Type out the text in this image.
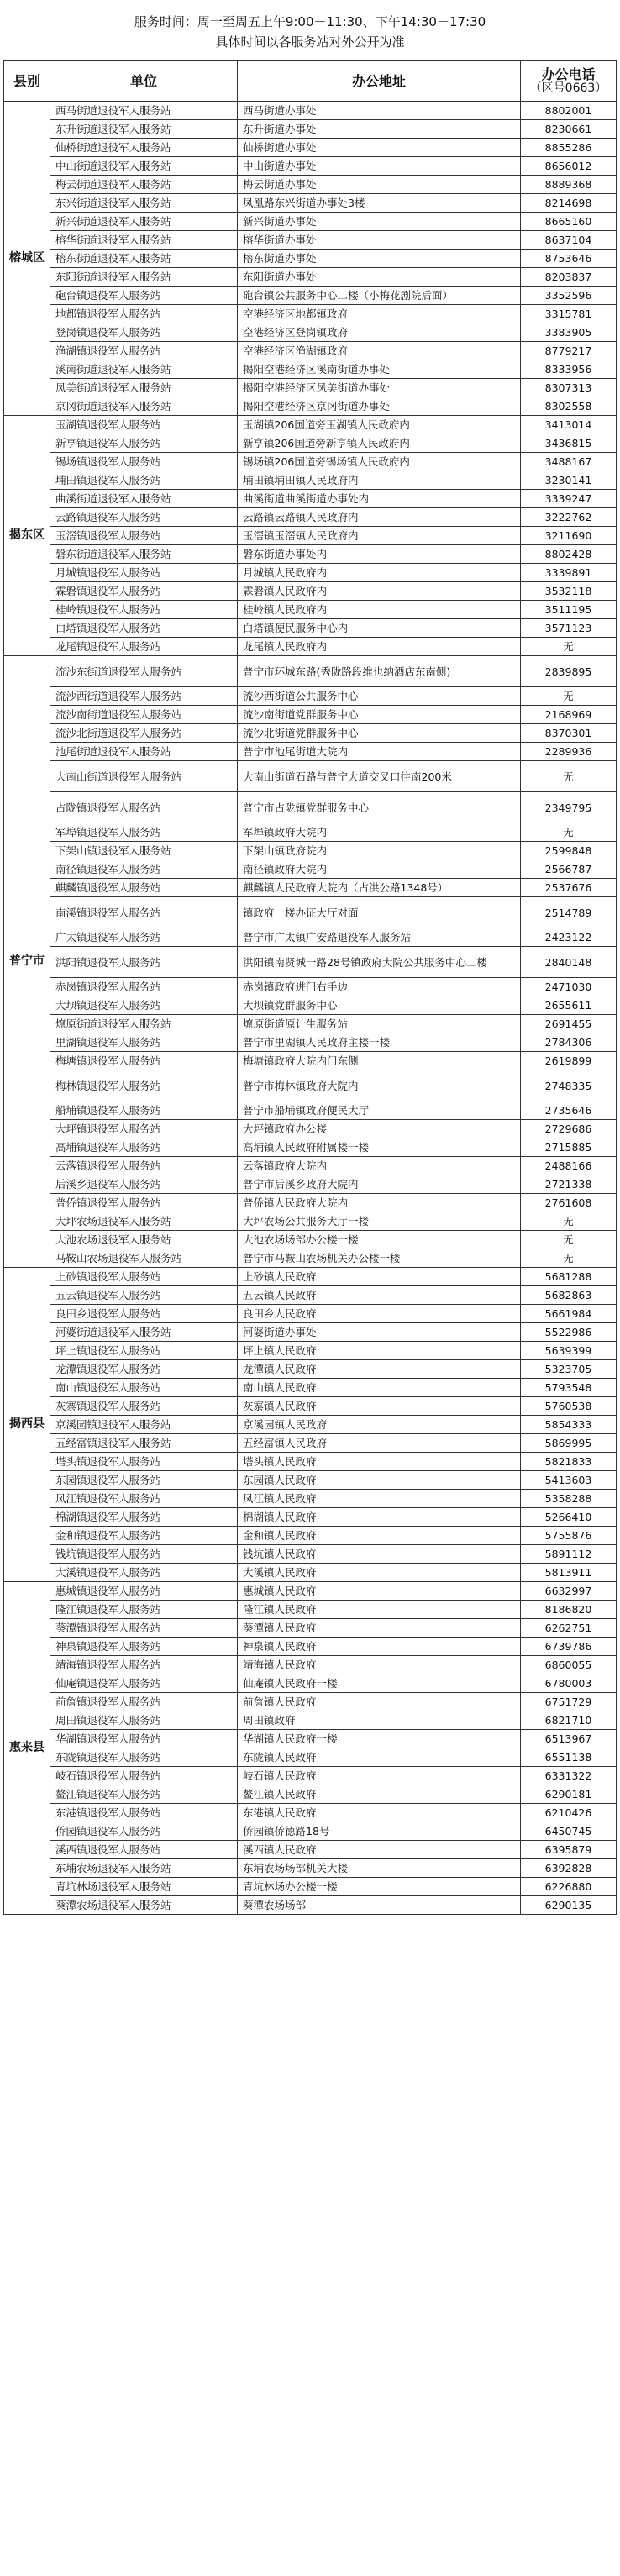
服务时间：周一至周五上午9:00－11:30、下午14:30－17:30
具体时间以各服务站对外公开为准
县别	单位	办公地址	办公电话
（区号0663）

榕城区	西马街道退役军人服务站	西马街道办事处	8802001
	东升街道退役军人服务站	东升街道办事处	8230661
	仙桥街道退役军人服务站	仙桥街道办事处	8855286
	中山街道退役军人服务站	中山街道办事处	8656012
	梅云街道退役军人服务站	梅云街道办事处	8889368
	东兴街道退役军人服务站	凤凰路东兴街道办事处3楼	8214698
	新兴街道退役军人服务站	新兴街道办事处	8665160
	榕华街道退役军人服务站	榕华街道办事处	8637104
	榕东街道退役军人服务站	榕东街道办事处	8753646
	东阳街道退役军人服务站	东阳街道办事处	8203837
	砲台镇退役军人服务站	砲台镇公共服务中心二楼（小梅花剧院后面）	3352596
	地都镇退役军人服务站	空港经济区地都镇政府	3315781
	登岗镇退役军人服务站	空港经济区登岗镇政府	3383905
	渔湖镇退役军人服务站	空港经济区渔湖镇政府	8779217
	溪南街道退役军人服务站	揭阳空港经济区溪南街道办事处	8333956
	凤美街道退役军人服务站	揭阳空港经济区凤美街道办事处	8307313
	京冈街道退役军人服务站	揭阳空港经济区京冈街道办事处	8302558
揭东区	玉湖镇退役军人服务站	玉湖镇206国道旁玉湖镇人民政府内	3413014
	新亨镇退役军人服务站	新亨镇206国道旁新亨镇人民政府内	3436815
	锡场镇退役军人服务站	锡场镇206国道旁锡场镇人民政府内	3488167
	埔田镇退役军人服务站	埔田镇埔田镇人民政府内	3230141
	曲溪街道退役军人服务站	曲溪街道曲溪街道办事处内	3339247
	云路镇退役军人服务站	云路镇云路镇人民政府内	3222762
	玉滘镇退役军人服务站	玉滘镇玉滘镇人民政府内	3211690
	磐东街道退役军人服务站	磐东街道办事处内	8802428
	月城镇退役军人服务站	月城镇人民政府内	3339891
	霖磐镇退役军人服务站	霖磐镇人民政府内	3532118
	桂岭镇退役军人服务站	桂岭镇人民政府内	3511195
	白塔镇退役军人服务站	白塔镇便民服务中心内	3571123
	龙尾镇退役军人服务站	龙尾镇人民政府内	无
普宁市	流沙东街道退役军人服务站	普宁市环城东路(秀陇路段维也纳酒店东南侧)	2839895
	流沙西街道退役军人服务站	流沙西街道公共服务中心	无
	流沙南街道退役军人服务站	流沙南街道党群服务中心	2168969
	流沙北街道退役军人服务站	流沙北街道党群服务中心	8370301
	池尾街道退役军人服务站	普宁市池尾街道大院内	2289936
	大南山街道退役军人服务站	大南山街道石路与普宁大道交叉口往南200米	无
	占陇镇退役军人服务站	普宁市占陇镇党群服务中心	2349795
	军埠镇退役军人服务站	军埠镇政府大院内	无
	下架山镇退役军人服务站	下架山镇政府院内	2599848
	南径镇退役军人服务站	南径镇政府大院内	2566787
	麒麟镇退役军人服务站	麒麟镇人民政府大院内（占洪公路1348号）	2537676
	南溪镇退役军人服务站	镇政府一楼办证大厅对面	2514789
	广太镇退役军人服务站	普宁市广太镇广安路退役军人服务站	2423122
	洪阳镇退役军人服务站	洪阳镇南贤城一路28号镇政府大院公共服务中心二楼	2840148
	赤岗镇退役军人服务站	赤岗镇政府进门右手边	2471030
	大坝镇退役军人服务站	大坝镇党群服务中心	2655611
	燎原街道退役军人服务站	燎原街道原计生服务站	2691455
	里湖镇退役军人服务站	普宁市里湖镇人民政府主楼一楼	2784306
	梅塘镇退役军人服务站	梅塘镇政府大院内门东侧	2619899
	梅林镇退役军人服务站	普宁市梅林镇政府大院内	2748335
	船埔镇退役军人服务站	普宁市船埔镇政府便民大厅	2735646
	大坪镇退役军人服务站	大坪镇政府办公楼	2729686
	高埔镇退役军人服务站	高埔镇人民政府附属楼一楼	2715885
	云落镇退役军人服务站	云落镇政府大院内	2488166
	后溪乡退役军人服务站	普宁市后溪乡政府大院内	2721338
	普侨镇退役军人服务站	普侨镇人民政府大院内	2761608
	大坪农场退役军人服务站	大坪农场公共服务大厅一楼	无
	大池农场退役军人服务站	大池农场场部办公楼一楼	无
	马鞍山农场退役军人服务站	普宁市马鞍山农场机关办公楼一楼	无
揭西县	上砂镇退役军人服务站	上砂镇人民政府	5681288
	五云镇退役军人服务站	五云镇人民政府	5682863
	良田乡退役军人服务站	良田乡人民政府	5661984
	河婆街道退役军人服务站	河婆街道办事处	5522986
	坪上镇退役军人服务站	坪上镇人民政府	5639399
	龙潭镇退役军人服务站	龙潭镇人民政府	5323705
	南山镇退役军人服务站	南山镇人民政府	5793548
	灰寨镇退役军人服务站	灰寨镇人民政府	5760538
	京溪园镇退役军人服务站	京溪园镇人民政府	5854333
	五经富镇退役军人服务站	五经富镇人民政府	5869995
	塔头镇退役军人服务站	塔头镇人民政府	5821833
	东园镇退役军人服务站	东园镇人民政府	5413603
	凤江镇退役军人服务站	凤江镇人民政府	5358288
	棉湖镇退役军人服务站	棉湖镇人民政府	5266410
	金和镇退役军人服务站	金和镇人民政府	5755876
	钱坑镇退役军人服务站	钱坑镇人民政府	5891112
	大溪镇退役军人服务站	大溪镇人民政府	5813911
惠来县	惠城镇退役军人服务站	惠城镇人民政府	6632997
	隆江镇退役军人服务站	隆江镇人民政府	8186820
	葵潭镇退役军人服务站	葵潭镇人民政府	6262751
	神泉镇退役军人服务站	神泉镇人民政府	6739786
	靖海镇退役军人服务站	靖海镇人民政府	6860055
	仙庵镇退役军人服务站	仙庵镇人民政府一楼	6780003
	前詹镇退役军人服务站	前詹镇人民政府	6751729
	周田镇退役军人服务站	周田镇政府	6821710
	华湖镇退役军人服务站	华湖镇人民政府一楼	6513967
	东陇镇退役军人服务站	东陇镇人民政府	6551138
	岐石镇退役军人服务站	岐石镇人民政府	6331322
	鳌江镇退役军人服务站	鳌江镇人民政府	6290181
	东港镇退役军人服务站	东港镇人民政府	6210426
	侨园镇退役军人服务站	侨园镇侨德路18号	6450745
	溪西镇退役军人服务站	溪西镇人民政府	6395879
	东埔农场退役军人服务站	东埔农场场部机关大楼	6392828
	青坑林场退役军人服务站	青坑林场办公楼一楼	6226880
	葵潭农场退役军人服务站	葵潭农场场部	6290135
